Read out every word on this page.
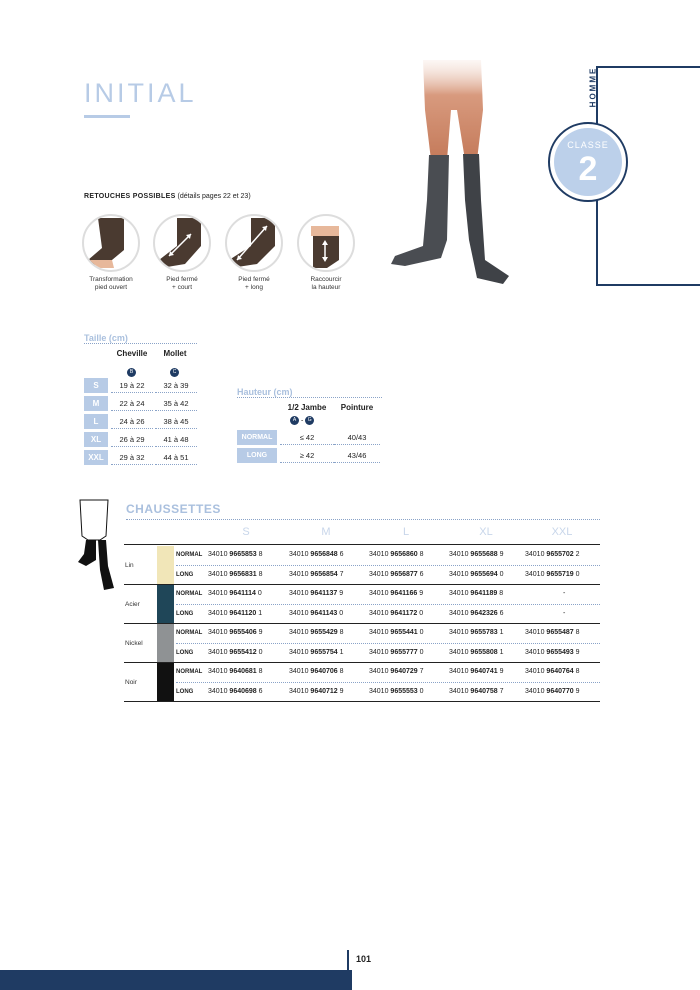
INITIAL	HOMME
CLASSE
2
RETOUCHES POSSIBLES (détails pages 22 et 23)
Transformation
pied ouvert
Pied fermé
+ court
Pied fermé
+ long
Raccourcir
la hauteur
Taille (cm)
Cheville	Mollet
B	C
S	19 à 22	32 à 39
M	22 à 24	35 à 42
L	24 à 26	38 à 45
XL	26 à 29	41 à 48
XXL	29 à 32	44 à 51
Hauteur (cm)
1/2 Jambe	Pointure
A - G
NORMAL	≤ 42	40/43
LONG	≥ 42	43/46
CHAUSSETTES
S	M	L	XL	XXL
Lin
NORMAL 34010 9665853 8	34010 9656848 6	34010 9656860 8	34010 9655688 9	34010 9655702 2
LONG	34010 9656831 8	34010 9656854 7	34010 9656877 6	34010 9655694 0	34010 9655719 0
Acier
NORMAL 34010 9641114 0	34010 9641137 9	34010 9641166 9	34010 9641189 8	-
LONG	34010 9641120 1	34010 9641143 0	34010 9641172 0	34010 9642326 6	-
Nickel
NORMAL 34010 9655406 9	34010 9655429 8	34010 9655441 0	34010 9655783 1	34010 9655487 8
LONG	34010 9655412 0	34010 9655754 1	34010 9655777 0	34010 9655808 1	34010 9655493 9
Noir
NORMAL 34010 9640681 8	34010 9640706 8	34010 9640729 7	34010 9640741 9	34010 9640764 8
LONG	34010 9640698 6	34010 9640712 9	34010 9655553 0	34010 9640758 7	34010 9640770 9
101
